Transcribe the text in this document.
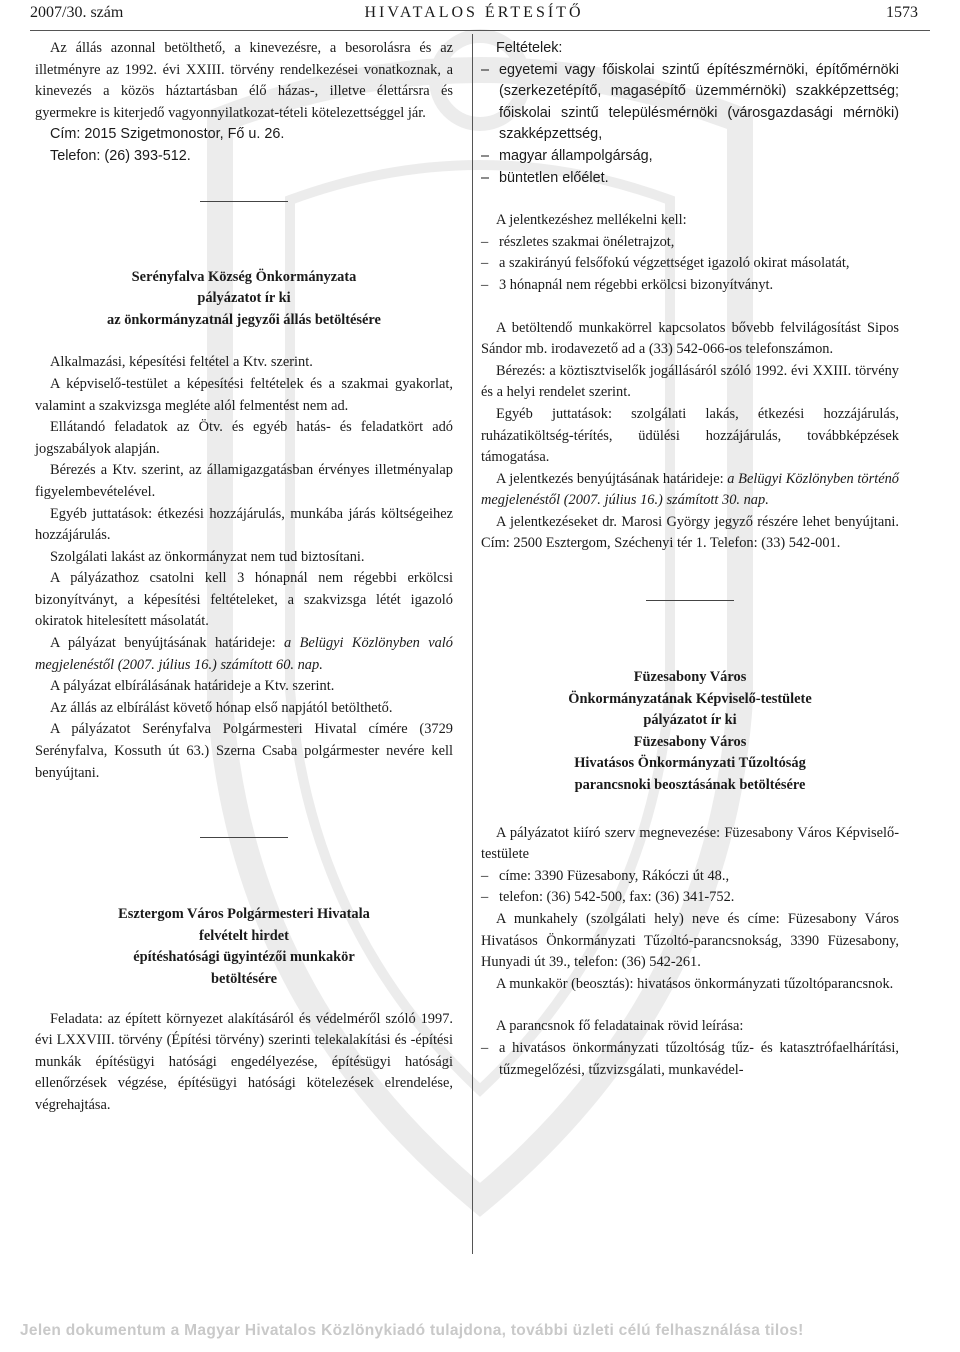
2007/30. szám	HIVATALOS ÉRTESÍTŐ	1573

Az állás azonnal betölthető, a kinevezésre, a besorolásra és az illetményre az 1992. évi XXIII. törvény rendelkezései vonatkoznak, a kinevezés a közös háztartásban élő házas-, illetve élettársra és gyermekre is kiterjedő vagyonnyilatkozat-tételi kötelezettséggel jár.

Cím: 2015 Szigetmonostor, Fő u. 26.

Telefon: (26) 393-512.

Serényfalva Község Önkormányzata

pályázatot ír ki

az önkormányzatnál jegyzői állás betöltésére

Alkalmazási, képesítési feltétel a Ktv. szerint.

A képviselő-testület a képesítési feltételek és a szakmai gyakorlat, valamint a szakvizsga megléte alól felmentést nem ad.

Ellátandó feladatok az Ötv. és egyéb hatás- és feladatkört adó jogszabályok alapján.

Bérezés a Ktv. szerint, az államigazgatásban érvényes illetményalap figyelembevételével.

Egyéb juttatások: étkezési hozzájárulás, munkába járás költségeihez hozzájárulás.

Szolgálati lakást az önkormányzat nem tud biztosítani.

A pályázathoz csatolni kell 3 hónapnál nem régebbi erkölcsi bizonyítványt, a képesítési feltételeket, a szakvizsga létét igazoló okiratok hitelesített másolatát.

A pályázat benyújtásának határideje: a Belügyi Közlönyben való megjelenéstől (2007. július 16.) számított 60. nap.

A pályázat elbírálásának határideje a Ktv. szerint.

Az állás az elbírálást követő hónap első napjától betölthető.

A pályázatot Serényfalva Polgármesteri Hivatal címére (3729 Serényfalva, Kossuth út 63.) Szerna Csaba polgármester nevére kell benyújtani.

Esztergom Város Polgármesteri Hivatala

felvételt hirdet

építéshatósági ügyintézői munkakör

betöltésére

Feladata: az épített környezet alakításáról és védelméről szóló 1997. évi LXXVIII. törvény (Építési törvény) szerinti telekalakítási és -építési munkák építésügyi hatósági engedélyezése, építésügyi hatósági ellenőrzések végzése, építésügyi hatósági kötelezések elrendelése, végrehajtása.

Feltételek:

– egyetemi vagy főiskolai szintű építészmérnöki, építőmérnöki (szerkezetépítő, magasépítő üzemmérnöki) szakképzettség; főiskolai szintű településmérnöki (városgazdasági mérnöki) szakképzettség,

– magyar állampolgárság,

– büntetlen előélet.

A jelentkezéshez mellékelni kell:

– részletes szakmai önéletrajzot,

– a szakirányú felsőfokú végzettséget igazoló okirat másolatát,

– 3 hónapnál nem régebbi erkölcsi bizonyítványt.

A betöltendő munkakörrel kapcsolatos bővebb felvilágosítást Sipos Sándor mb. irodavezető ad a (33) 542-066-os telefonszámon.

Bérezés: a köztisztviselők jogállásáról szóló 1992. évi XXIII. törvény és a helyi rendelet szerint.

Egyéb juttatások: szolgálati lakás, étkezési hozzájárulás, ruházatiköltség-térítés, üdülési hozzájárulás, továbbképzések támogatása.

A jelentkezés benyújtásának határideje: a Belügyi Közlönyben történő megjelenéstől (2007. július 16.) számított 30. nap.

A jelentkezéseket dr. Marosi György jegyző részére lehet benyújtani. Cím: 2500 Esztergom, Széchenyi tér 1. Telefon: (33) 542-001.

Füzesabony Város

Önkormányzatának Képviselő-testülete

pályázatot ír ki

Füzesabony Város

Hivatásos Önkormányzati Tűzoltóság

parancsnoki beosztásának betöltésére

A pályázatot kiíró szerv megnevezése: Füzesabony Város Képviselő-testülete

– címe: 3390 Füzesabony, Rákóczi út 48.,

– telefon: (36) 542-500, fax: (36) 341-752.

A munkahely (szolgálati hely) neve és címe: Füzesabony Város Hivatásos Önkormányzati Tűzoltó-parancsnokság, 3390 Füzesabony, Hunyadi út 39., telefon: (36) 542-261.

A munkakör (beosztás): hivatásos önkormányzati tűzoltóparancsnok.

A parancsnok fő feladatainak rövid leírása:

– a hivatásos önkormányzati tűzoltóság tűz- és katasztrófaelhárítási, tűzmegelőzési, tűzvizsgálati, munkavédel-

Jelen dokumentum a Magyar Hivatalos Közlönykiadó tulajdona, további üzleti célú felhasználása tilos!
